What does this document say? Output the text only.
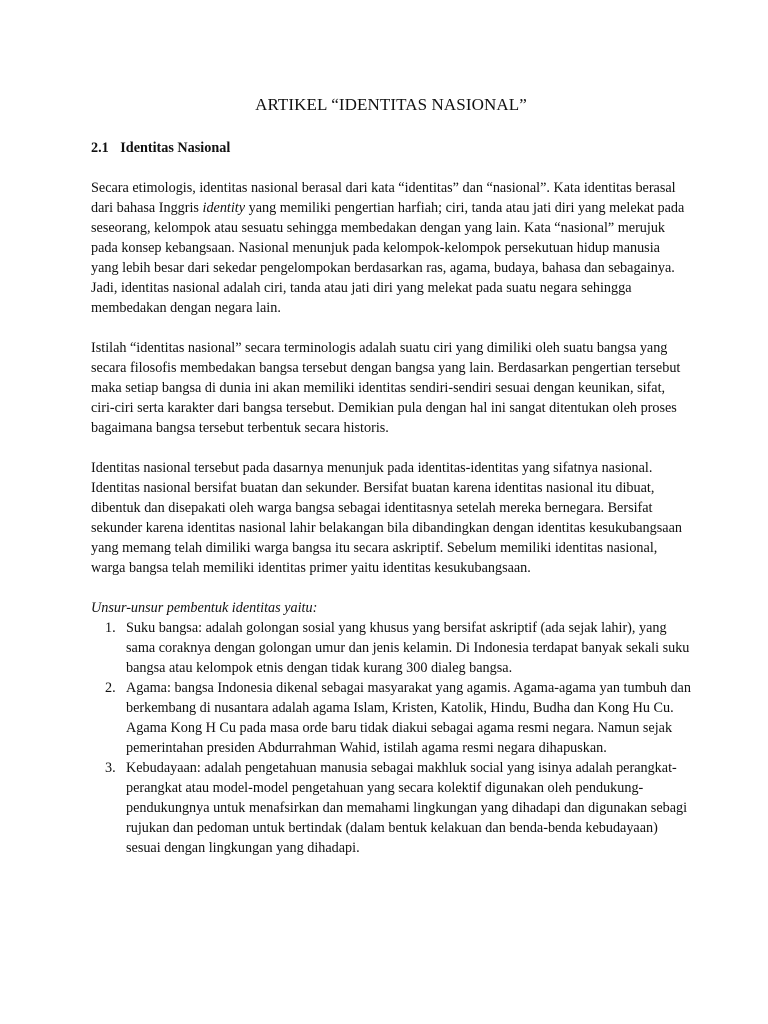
ARTIKEL “IDENTITAS NASIONAL”
2.1 Identitas Nasional

Secara etimologis, identitas nasional berasal dari kata “identitas” dan “nasional”. Kata identitas berasal dari bahasa Inggris identity yang memiliki pengertian harfiah; ciri, tanda atau jati diri yang melekat pada seseorang, kelompok atau sesuatu sehingga membedakan dengan yang lain. Kata “nasional” merujuk pada konsep kebangsaan. Nasional menunjuk pada kelompok-kelompok persekutuan hidup manusia yang lebih besar dari sekedar pengelompokan berdasarkan ras, agama, budaya, bahasa dan sebagainya. Jadi, identitas nasional adalah ciri, tanda atau jati diri yang melekat pada suatu negara sehingga membedakan dengan negara lain.

Istilah “identitas nasional” secara terminologis adalah suatu ciri yang dimiliki oleh suatu bangsa yang secara filosofis membedakan bangsa tersebut dengan bangsa yang lain. Berdasarkan pengertian tersebut maka setiap bangsa di dunia ini akan memiliki identitas sendiri-sendiri sesuai dengan keunikan, sifat, ciri-ciri serta karakter dari bangsa tersebut. Demikian pula dengan hal ini sangat ditentukan oleh proses bagaimana bangsa tersebut terbentuk secara historis.

Identitas nasional tersebut pada dasarnya menunjuk pada identitas-identitas yang sifatnya nasional. Identitas nasional bersifat buatan dan sekunder. Bersifat buatan karena identitas nasional itu dibuat, dibentuk dan disepakati oleh warga bangsa sebagai identitasnya setelah mereka bernegara. Bersifat sekunder karena identitas nasional lahir belakangan bila dibandingkan dengan identitas kesukubangsaan yang memang telah dimiliki warga bangsa itu secara askriptif. Sebelum memiliki identitas nasional, warga bangsa telah memiliki identitas primer yaitu identitas kesukubangsaan.

Unsur-unsur pembentuk identitas yaitu:
1. Suku bangsa: adalah golongan sosial yang khusus yang bersifat askriptif (ada sejak lahir), yang sama coraknya dengan golongan umur dan jenis kelamin. Di Indonesia terdapat banyak sekali suku bangsa atau kelompok etnis dengan tidak kurang 300 dialeg bangsa.
2. Agama: bangsa Indonesia dikenal sebagai masyarakat yang agamis. Agama-agama yan tumbuh dan berkembang di nusantara adalah agama Islam, Kristen, Katolik, Hindu, Budha dan Kong Hu Cu. Agama Kong H Cu pada masa orde baru tidak diakui sebagai agama resmi negara. Namun sejak pemerintahan presiden Abdurrahman Wahid, istilah agama resmi negara dihapuskan.
3. Kebudayaan: adalah pengetahuan manusia sebagai makhluk social yang isinya adalah perangkat-perangkat atau model-model pengetahuan yang secara kolektif digunakan oleh pendukung-pendukungnya untuk menafsirkan dan memahami lingkungan yang dihadapi dan digunakan sebagi rujukan dan pedoman untuk bertindak (dalam bentuk kelakuan dan benda-benda kebudayaan) sesuai dengan lingkungan yang dihadapi.
